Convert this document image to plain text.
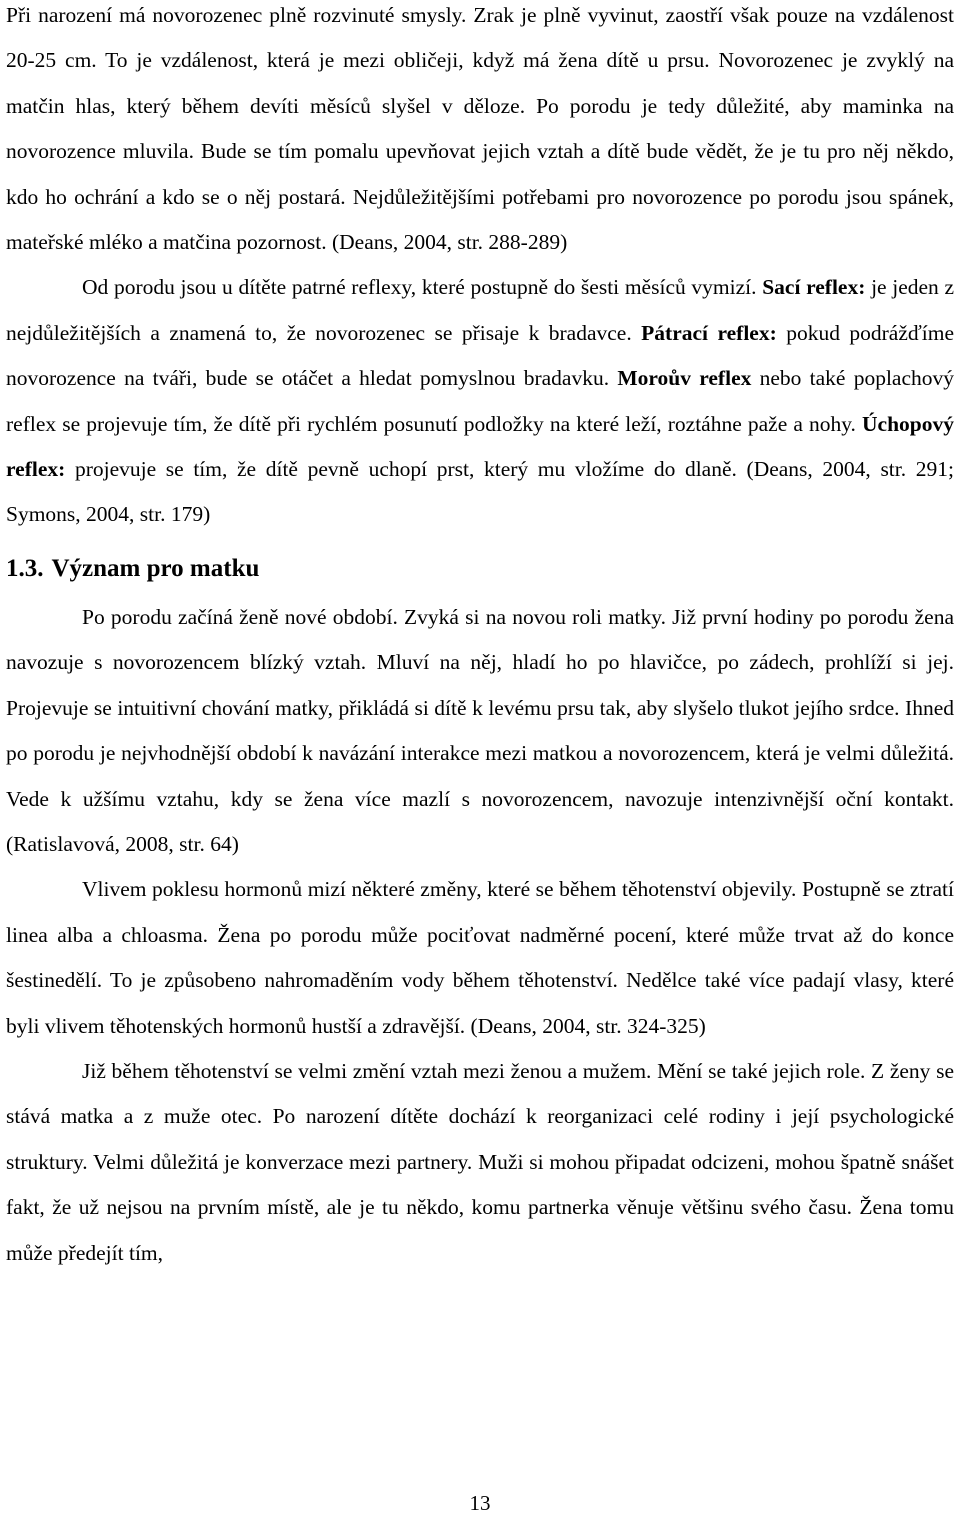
Při narození má novorozenec plně rozvinuté smysly. Zrak je plně vyvinut, zaostří však pouze na vzdálenost 20-25 cm. To je vzdálenost, která je mezi obličeji, když má žena dítě u prsu. Novorozenec je zvyklý na matčin hlas, který během devíti měsíců slyšel v děloze. Po porodu je tedy důležité, aby maminka na novorozence mluvila. Bude se tím pomalu upevňovat jejich vztah a dítě bude vědět, že je tu pro něj někdo, kdo ho ochrání a kdo se o něj postará. Nejdůležitějšími potřebami pro novorozence po porodu jsou spánek, mateřské mléko a matčina pozornost. (Deans, 2004, str. 288-289)

Od porodu jsou u dítěte patrné reflexy, které postupně do šesti měsíců vymizí. Sací reflex: je jeden z nejdůležitějších a znamená to, že novorozenec se přisaje k bradavce. Pátrací reflex: pokud podrážďíme novorozence na tváři, bude se otáčet a hledat pomyslnou bradavku. Moroův reflex nebo také poplachový reflex se projevuje tím, že dítě při rychlém posunutí podložky na které leží, roztáhne paže a nohy. Úchopový reflex: projevuje se tím, že dítě pevně uchopí prst, který mu vložíme do dlaně. (Deans, 2004, str. 291; Symons, 2004, str. 179)

1.3. Význam pro matku

Po porodu začíná ženě nové období. Zvyká si na novou roli matky. Již první hodiny po porodu žena navozuje s novorozencem blízký vztah. Mluví na něj, hladí ho po hlavičce, po zádech, prohlíží si jej. Projevuje se intuitivní chování matky, přikládá si dítě k levému prsu tak, aby slyšelo tlukot jejího srdce. Ihned po porodu je nejvhodnější období k navázání interakce mezi matkou a novorozencem, která je velmi důležitá. Vede k užšímu vztahu, kdy se žena více mazlí s novorozencem, navozuje intenzivnější oční kontakt.(Ratislavová, 2008, str. 64)

Vlivem poklesu hormonů mizí některé změny, které se během těhotenství objevily. Postupně se ztratí linea alba a chloasma. Žena po porodu může pociťovat nadměrné pocení, které může trvat až do konce šestinedělí. To je způsobeno nahromaděním vody během těhotenství. Nedělce také více padají vlasy, které byli vlivem těhotenských hormonů hustší a zdravější. (Deans, 2004, str. 324-325)

Již během těhotenství se velmi změní vztah mezi ženou a mužem. Mění se také jejich role. Z ženy se stává matka a z muže otec. Po narození dítěte dochází k reorganizaci celé rodiny i její psychologické struktury. Velmi důležitá je konverzace mezi partnery. Muži si mohou připadat odcizeni, mohou špatně snášet fakt, že už nejsou na prvním místě, ale je tu někdo, komu partnerka věnuje většinu svého času. Žena tomu může předejít tím,

13
